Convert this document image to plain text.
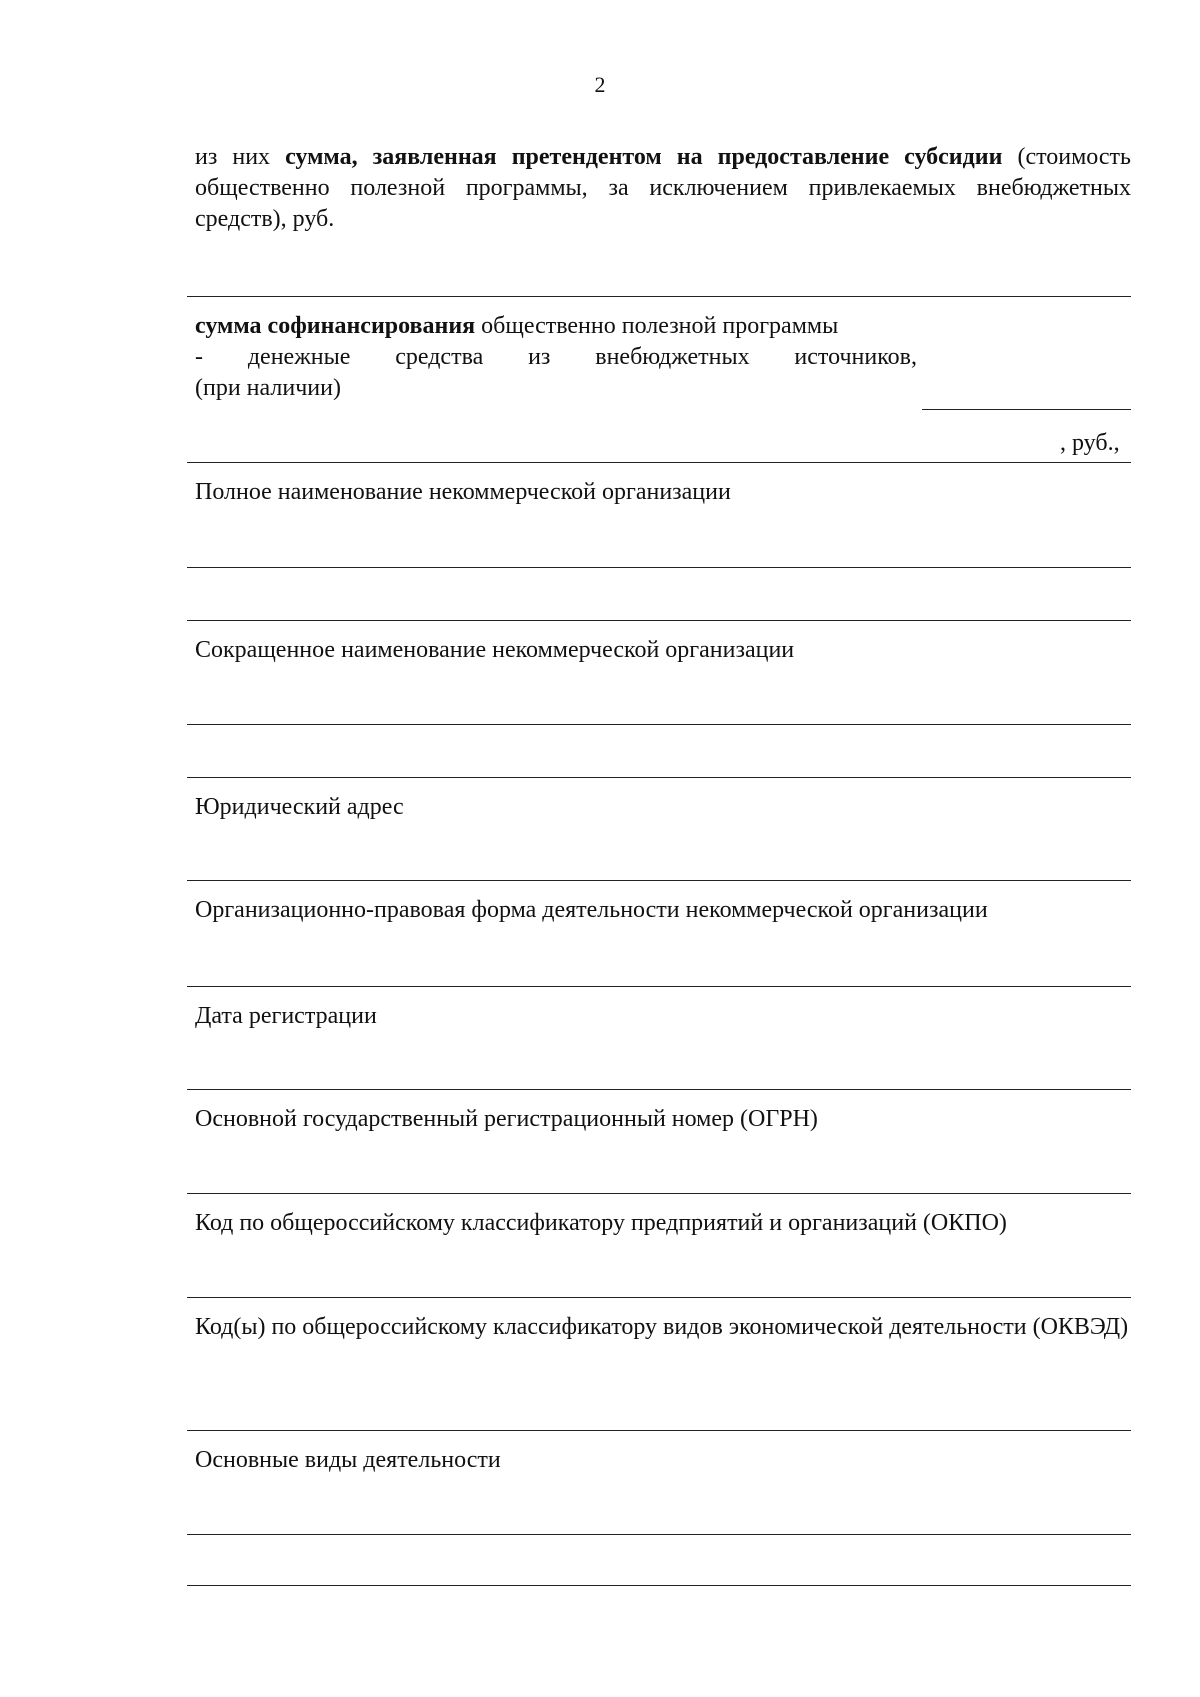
2
из них сумма, заявленная претендентом на предоставление субсидии (стоимость общественно полезной программы, за исключением привлекаемых внебюджетных средств), руб.
сумма софинансирования общественно полезной программы
- денежные средства из внебюджетных источников,
(при наличии)
, руб.,
Полное наименование некоммерческой организации
Сокращенное наименование некоммерческой организации
Юридический адрес
Организационно-правовая форма деятельности некоммерческой организации
Дата регистрации
Основной государственный регистрационный номер (ОГРН)
Код по общероссийскому классификатору предприятий и организаций (ОКПО)
Код(ы) по общероссийскому классификатору видов экономической деятельности (ОКВЭД)
Основные виды деятельности
